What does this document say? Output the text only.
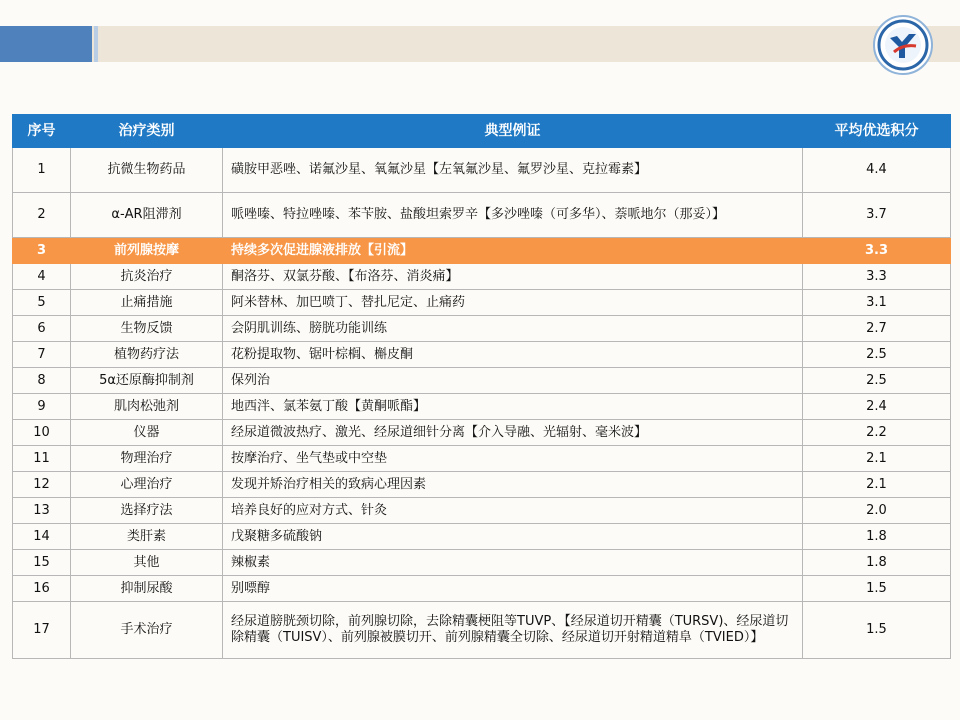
序号	治疗类别	典型例证	平均优选积分
1	抗微生物药品	磺胺甲恶唑、诺氟沙星、氧氟沙星【左氧氟沙星、氟罗沙星、克拉霉素】	4.4
2	α-AR阻滞剂	哌唑嗪、特拉唑嗪、苯苄胺、盐酸坦索罗辛【多沙唑嗪（可多华）、萘哌地尔（那妥）】	3.7
3	前列腺按摩	持续多次促进腺液排放【引流】	3.3
4	抗炎治疗	酮洛芬、双氯芬酸、【布洛芬、消炎痛】	3.3
5	止痛措施	阿米替林、加巴喷丁、替扎尼定、止痛药	3.1
6	生物反馈	会阴肌训练、膀胱功能训练	2.7
7	植物药疗法	花粉提取物、锯叶棕榈、槲皮酮	2.5
8	5α还原酶抑制剂	保列治	2.5
9	肌肉松弛剂	地西泮、氯苯氨丁酸【黄酮哌酯】	2.4
10	仪器	经尿道微波热疗、激光、经尿道细针分离【介入导融、光辐射、毫米波】	2.2
11	物理治疗	按摩治疗、坐气垫或中空垫	2.1
12	心理治疗	发现并矫治疗相关的致病心理因素	2.1
13	选择疗法	培养良好的应对方式、针灸	2.0
14	类肝素	戊聚糖多硫酸钠	1.8
15	其他	辣椒素	1.8
16	抑制尿酸	别嘌醇	1.5
17	手术治疗	经尿道膀胱颈切除，前列腺切除，去除精囊梗阻等TUVP、【经尿道切开精囊（TURSV)、经尿道切除精囊（TUISV）、前列腺被膜切开、前列腺精囊全切除、经尿道切开射精道精阜（TVIED）】	1.5
